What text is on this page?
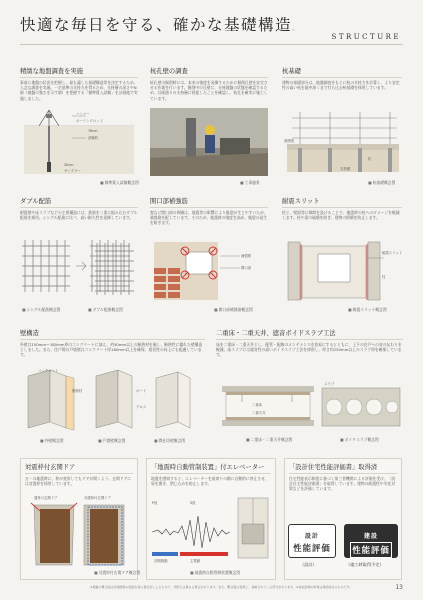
快適な毎日を守る、確かな基礎構造。
STRUCTURE
精緻な地盤調査を実施
事前に地盤の状況を把握し、最も適した基礎構造等を決定するため、入念な調査を実施。一定基準の支持力を得るため、支持層の深さやN値（地盤の強さを示す値）を把握する「標準貫入試験」を計画地で実施しました。
ハンマー
ボーリングロッド
76cm
試験杭
30cm
サンプラー
■ 標準貫入試験概念図
杭孔壁の調査
杭孔壁の掘削時には、本来の強度を発揮するために掘削孔壁を安定させる作業を行います。掘削中の孔壁に、支持地盤の状態を確認するため、計画通りの支持層に到達したことを確認し、杭孔を確実に施工しています。
■ 工事風景
杭基礎
建物の基礎部分は、地盤調査をもとに杭の支持力を計算し、より安定性の高い杭を地中深くまで打ち込む杭基礎を採用しています。
基礎梁
杭
支持層
■ 杭基礎概念図
ダブル配筋
耐震壁や床スラブなどの主要構造には、鉄筋を二重に組み込むダブル配筋を採用。シングル配筋に比べ、高い耐久性を発揮しています。
■ シングル配筋概念図	■ ダブル配筋概念図
開口部補強筋
窓など開口部の四隅は、地震等の影響により亀裂が生じやすいため、補強筋を配しています。そのため、地震時の強度を高め、亀裂の発生を防ぎます。
補強筋
開口部
■ 開口部補強筋概念図
耐震スリット
柱と、壁面等に隙間を設けることで、地震時の柱へのダメージを軽減します。柱や梁の破壊を防ぎ、建物の倒壊を防止します。
耐震スリット
柱
■ 耐震スリット概念図
壁構造
外壁は150mm～180mm厚のコンクリートに加え、約50mm以上の断熱材を施し、断熱性に優れた壁構造としました。また、住戸間の戸境壁はコンクリート厚180mm以上を確保、遮音性の向上にも配慮しています。
コンクリート
断熱材	ボード
クロス
■ 外壁概念図	■ 戸境壁概念図	■ 間仕切壁概念図
二重床・二重天井、遮音ボイドスラブ工法
床を二重床・二重天井とし、配管・配線のメンテナンスを容易にするとともに、上下の住戸への音の伝わりを軽減。床スラブには遮音性の高いボイドスラブ工法を採用し、厚さ約250mm以上のスラブ厚を確保しています。
二重床
二重天井
スラブ
■ 二重床・二重天井概念図	■ ボイドスラブ概念図
対震枠付玄関ドア
万一の地震時に、枠が変形してもドアが開くよう、玄関ドアには対震枠を採用しています。
通常の玄関ドア	対震枠付玄関ドア
■ 対震枠付玄関ドア概念図
「地震時自動管制装置」付エレベーター
地震を感知すると、エレベーターを最寄りの階に自動的に停止させ、扉を開き、閉じ込めを防止します。
P波	S波
初期微動	主要動
■ 地震時自動管制装置概念図
「設計住宅性能評価書」取得済
住宅性能表示制度に基づく第三者機関による評価を受け、「設計住宅性能評価書」を取得しています。建物の耐震性や劣化対策などを評価しています。
設計
性能評価
（設計）
建設
性能評価
（竣工時取得予定）
※掲載の概念図は計画段階の図面を基に描き起こしたもので、実際とは異なる場合があります。また、概念図は表現上、省略されている部分があります。※性能評価の取得は建設時点のものです。	13
